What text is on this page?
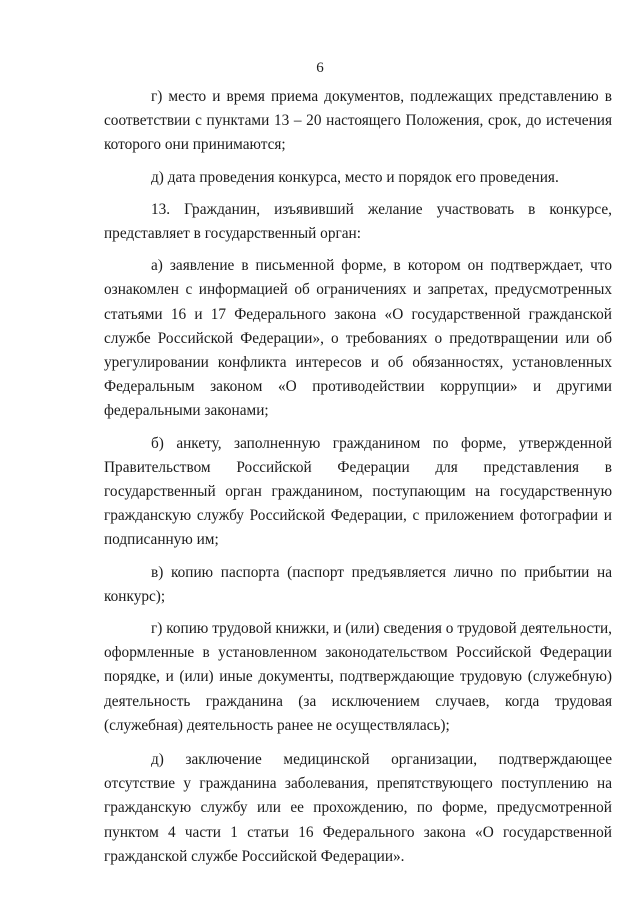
6

г) место и время приема документов, подлежащих представлению в соответствии с пунктами 13 – 20 настоящего Положения, срок, до истечения которого они принимаются;

д) дата проведения конкурса, место и порядок его проведения.

13. Гражданин, изъявивший желание участвовать в конкурсе, представляет в государственный орган:

а) заявление в письменной форме, в котором он подтверждает, что ознакомлен с информацией об ограничениях и запретах, предусмотренных статьями 16 и 17 Федерального закона «О государственной гражданской службе Российской Федерации», о требованиях о предотвращении или об урегулировании конфликта интересов и об обязанностях, установленных Федеральным законом «О противодействии коррупции» и другими федеральными законами;

б) анкету, заполненную гражданином по форме, утвержденной Правительством Российской Федерации для представления в государственный орган гражданином, поступающим на государственную гражданскую службу Российской Федерации, с приложением фотографии и подписанную им;

в) копию паспорта (паспорт предъявляется лично по прибытии на конкурс);

г) копию трудовой книжки, и (или) сведения о трудовой деятельности, оформленные в установленном законодательством Российской Федерации порядке, и (или) иные документы, подтверждающие трудовую (служебную) деятельность гражданина (за исключением случаев, когда трудовая (служебная) деятельность ранее не осуществлялась);

д) заключение медицинской организации, подтверждающее отсутствие у гражданина заболевания, препятствующего поступлению на гражданскую службу или ее прохождению, по форме, предусмотренной пунктом 4 части 1 статьи 16 Федерального закона «О государственной гражданской службе Российской Федерации».
